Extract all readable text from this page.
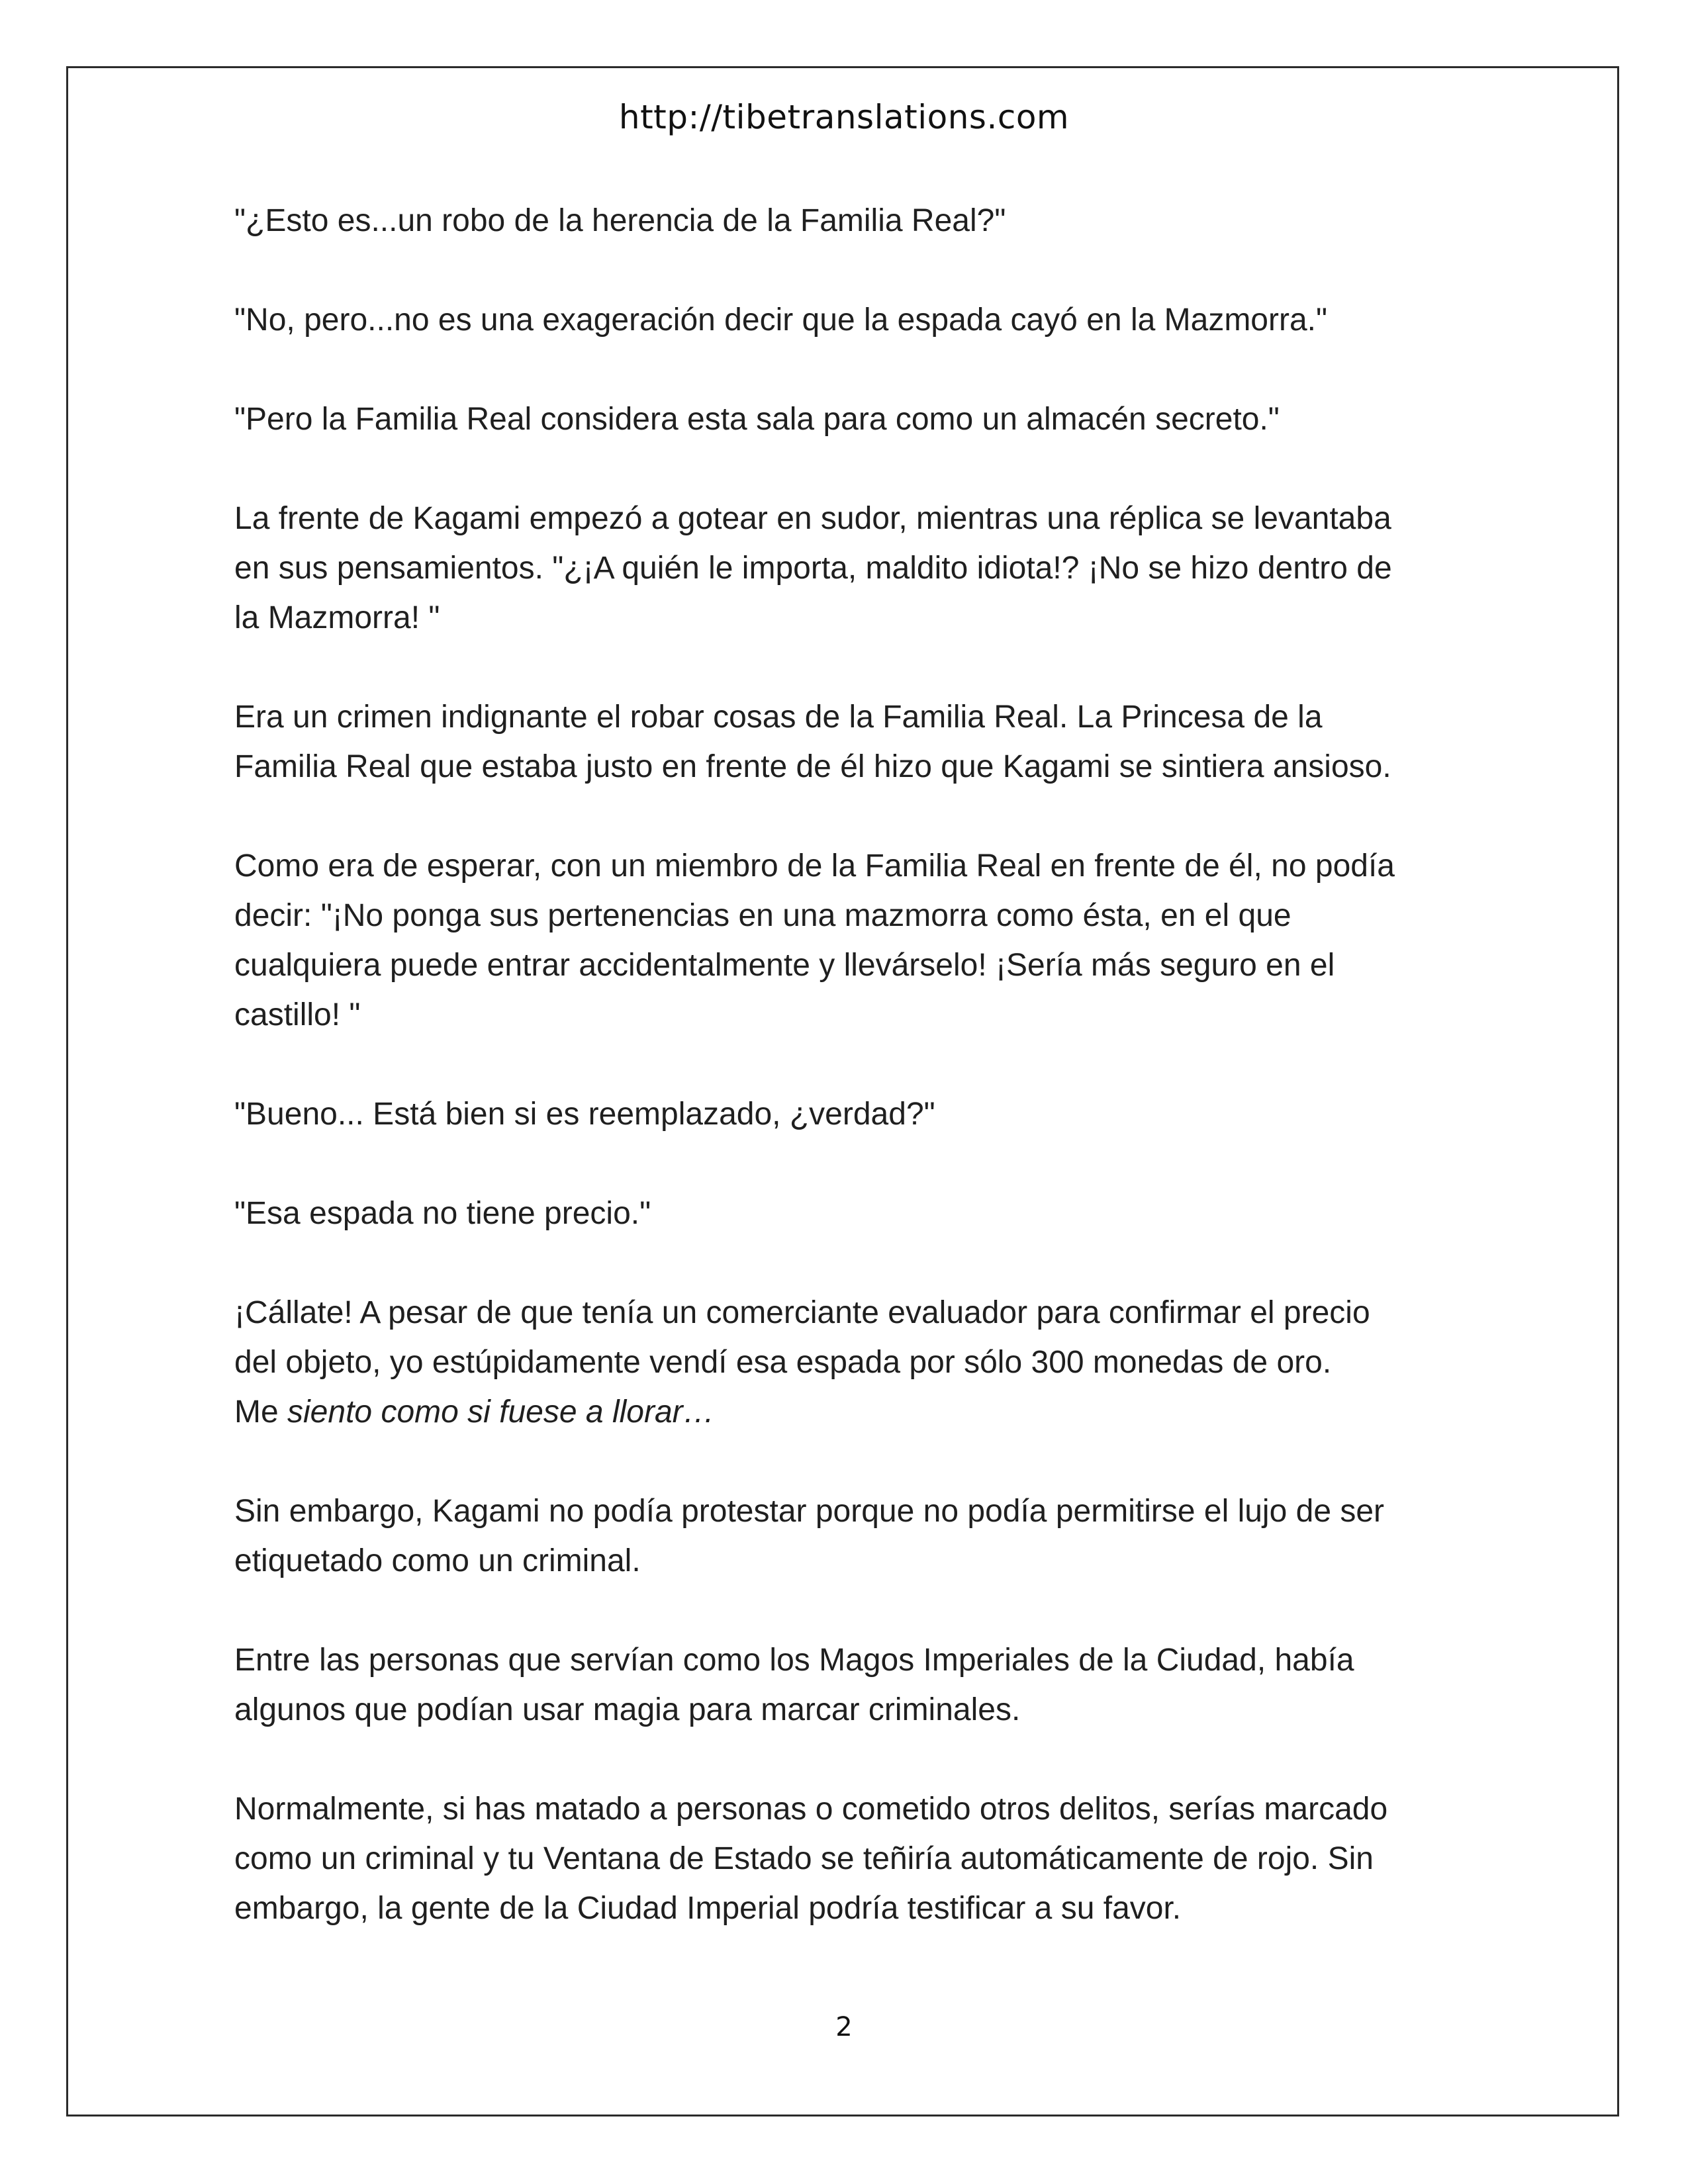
http://tibetranslations.com

"¿Esto es...un robo de la herencia de la Familia Real?"

"No, pero...no es una exageración decir que la espada cayó en la Mazmorra."

"Pero la Familia Real considera esta sala para como un almacén secreto."

La frente de Kagami empezó a gotear en sudor, mientras una réplica se levantaba
en sus pensamientos. "¿¡A quién le importa, maldito idiota!? ¡No se hizo dentro de
la Mazmorra! "

Era un crimen indignante el robar cosas de la Familia Real. La Princesa de la
Familia Real que estaba justo en frente de él hizo que Kagami se sintiera ansioso.

Como era de esperar, con un miembro de la Familia Real en frente de él, no podía
decir: "¡No ponga sus pertenencias en una mazmorra como ésta, en el que
cualquiera puede entrar accidentalmente y llevárselo! ¡Sería más seguro en el
castillo! "

"Bueno... Está bien si es reemplazado, ¿verdad?"

"Esa espada no tiene precio."

¡Cállate! A pesar de que tenía un comerciante evaluador para confirmar el precio
del objeto, yo estúpidamente vendí esa espada por sólo 300 monedas de oro.
Me siento como si fuese a llorar…

Sin embargo, Kagami no podía protestar porque no podía permitirse el lujo de ser
etiquetado como un criminal.

Entre las personas que servían como los Magos Imperiales de la Ciudad, había
algunos que podían usar magia para marcar criminales.

Normalmente, si has matado a personas o cometido otros delitos, serías marcado
como un criminal y tu Ventana de Estado se teñiría automáticamente de rojo. Sin
embargo, la gente de la Ciudad Imperial podría testificar a su favor.

2
